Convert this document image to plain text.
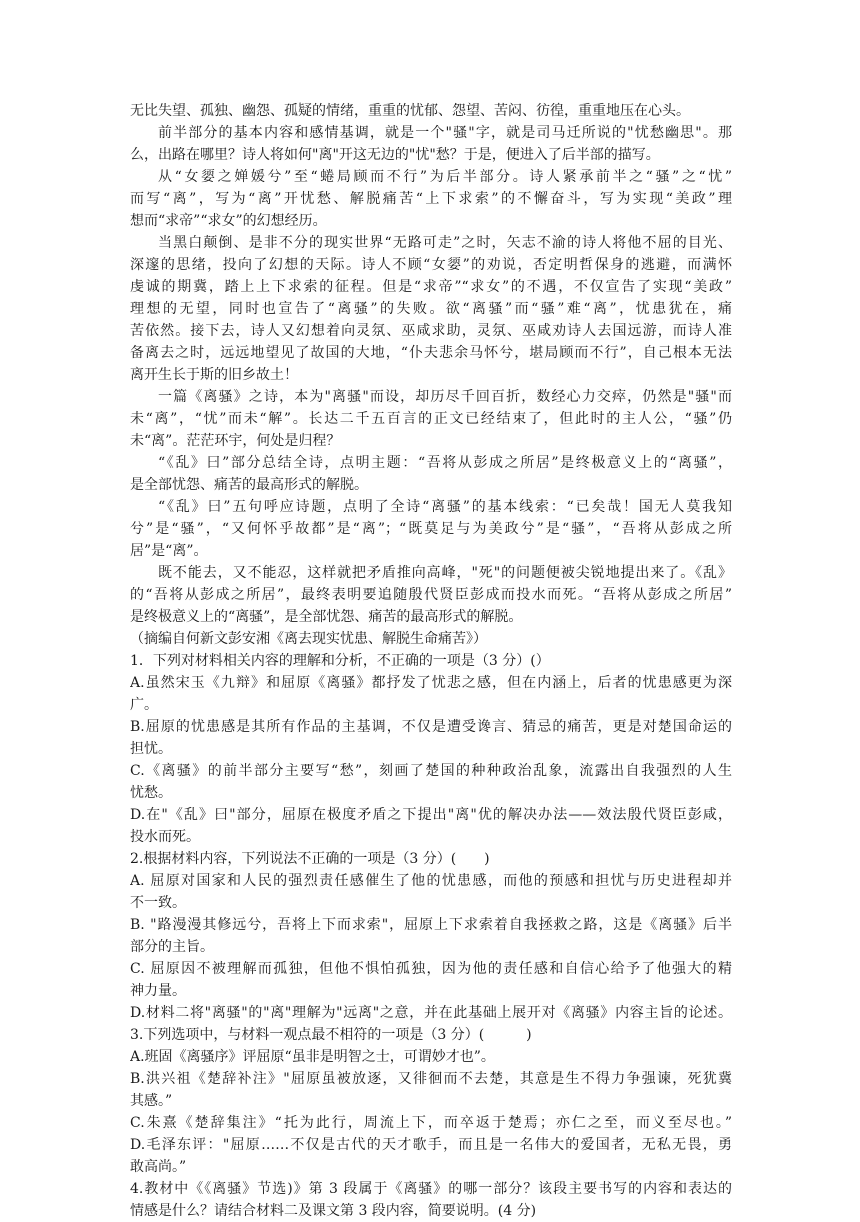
无比失望、孤独、幽怨、孤疑的情绪，重重的忧郁、怨望、苦闷、彷徨，重重地压在心头。
前半部分的基本内容和感情基调，就是一个"骚"字，就是司马迁所说的"忧愁幽思"。那
么，出路在哪里？诗人将如何"离"开这无边的"忧"愁？于是，便进入了后半部的描写。
从“女媭之婵媛兮”至“蜷局顾而不行”为后半部分。诗人紧承前半之“骚”之“忧”
而写“离”，写为“离”开忧愁、解脱痛苦“上下求索”的不懈奋斗，写为实现“美政”理
想而“求帝”“求女”的幻想经历。
当黑白颠倒、是非不分的现实世界“无路可走”之时，矢志不渝的诗人将他不屈的目光、
深邃的思绪，投向了幻想的天际。诗人不顾“女媭”的劝说，否定明哲保身的逃避，而满怀
虔诚的期冀，踏上上下求索的征程。但是“求帝”“求女”的不遇，不仅宣告了实现“美政”
理想的无望，同时也宣告了“离骚”的失败。欲“离骚”而“骚”难“离”，忧患犹在，痛
苦依然。接下去，诗人又幻想着向灵氛、巫咸求助，灵氛、巫咸劝诗人去国远游，而诗人准
备离去之时，远远地望见了故国的大地，“仆夫悲余马怀兮，堪局顾而不行”，自己根本无法
离开生长于斯的旧乡故土！
一篇《离骚》之诗，本为"离骚"而设，却历尽千回百折，数经心力交瘁，仍然是"骚"而
未“离”，“忧”而未“解”。长达二千五百言的正文已经结束了，但此时的主人公，“骚”仍
未“离”。茫茫环宇，何处是归程？
“《乱》曰”部分总结全诗，点明主题：“吾将从彭成之所居”是终极意义上的“离骚”，
是全部忧怨、痛苦的最高形式的解脱。
“《乱》曰”五句呼应诗题，点明了全诗“离骚”的基本线索：“已矣哉！国无人莫我知
兮”是“骚”，“又何怀乎故都”是“离”；“既莫足与为美政兮”是“骚”，“吾将从彭成之所
居”是“离”。
既不能去，又不能忍，这样就把矛盾推向高峰，"死"的问题便被尖锐地提出来了。《乱》
的“吾将从彭成之所居”，最终表明要追随殷代贤臣彭成而投水而死。“吾将从彭成之所居”
是终极意义上的“离骚”，是全部忧怨、痛苦的最高形式的解脱。
（摘编自何新文彭安湘《离去现实忧患、解脱生命痛苦》）
1．下列对材料相关内容的理解和分析，不正确的一项是（3 分）(）
A.虽然宋玉《九辩》和屈原《离骚》都抒发了忧悲之感，但在内涵上，后者的忧患感更为深
广。
B.屈原的忧患感是其所有作品的主基调，不仅是遭受谗言、猜忌的痛苦，更是对楚国命运的
担忧。
C.《离骚》的前半部分主要写“愁”，刻画了楚国的种种政治乱象，流露出自我强烈的人生
忧愁。
D.在"《乱》曰"部分，屈原在极度矛盾之下提出"离"优的解决办法——效法殷代贤臣彭咸，
投水而死。
2.根据材料内容，下列说法不正确的一项是（3 分）(　　)
A. 屈原对国家和人民的强烈责任感催生了他的忧患感，而他的预感和担忧与历史进程却并
不一致。
B. "路漫漫其修远兮，吾将上下而求索"，屈原上下求索着自我拯救之路，这是《离骚》后半
部分的主旨。
C. 屈原因不被理解而孤独，但他不惧怕孤独，因为他的责任感和自信心给予了他强大的精
神力量。
D.材料二将"离骚"的"离"理解为"远离"之意，并在此基础上展开对《离骚》内容主旨的论述。
3.下列选项中，与材料一观点最不相符的一项是（3 分）(　　　)
A.班固《离骚序》评屈原“虽非是明智之士，可谓妙才也”。
B.洪兴祖《楚辞补注》"屈原虽被放逐，又徘徊而不去楚，其意是生不得力争强谏，死犹冀
其感。”
C.朱熹《楚辞集注》“托为此行，周流上下，而卒返于楚焉；亦仁之至，而义至尽也。”
D.毛泽东评："屈原……不仅是古代的天才歌手，而且是一名伟大的爱国者，无私无畏，勇
敢高尚。”
4.教材中《《离骚》节选)》第 3 段属于《离骚》的哪一部分？该段主要书写的内容和表达的
情感是什么？请结合材料二及课文第 3 段内容，简要说明。(4 分)
